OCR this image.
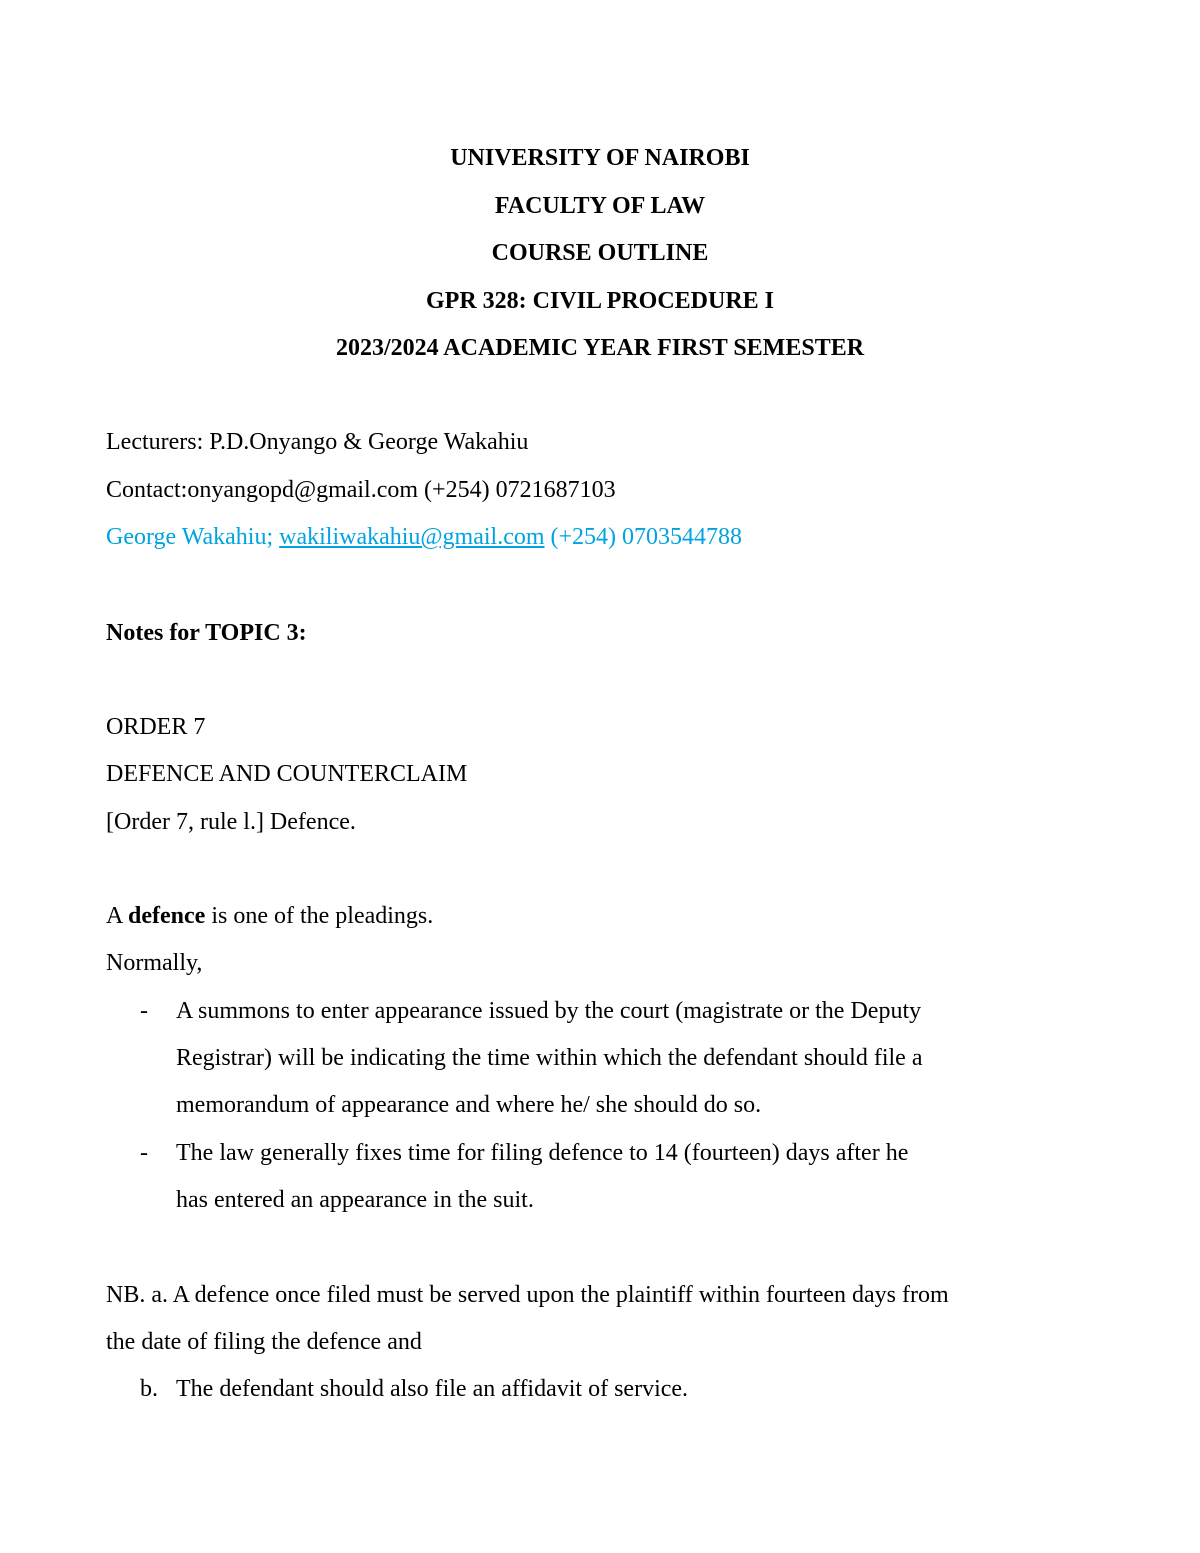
UNIVERSITY OF NAIROBI
FACULTY OF LAW
COURSE OUTLINE
GPR 328: CIVIL PROCEDURE I
2023/2024 ACADEMIC YEAR FIRST SEMESTER
Lecturers: P.D.Onyango & George Wakahiu
Contact:onyangopd@gmail.com (+254) 0721687103
George Wakahiu; wakiliwakahiu@gmail.com (+254) 0703544788
Notes for TOPIC 3:
ORDER 7
DEFENCE AND COUNTERCLAIM
[Order 7, rule l.] Defence.
A defence is one of the pleadings.
Normally,
-	A summons to enter appearance issued by the court (magistrate or the Deputy
Registrar) will be indicating the time within which the defendant should file a
memorandum of appearance and where he/ she should do so.
-	The law generally fixes time for filing defence to 14 (fourteen) days after he
has entered an appearance in the suit.
NB. a. A defence once filed must be served upon the plaintiff within fourteen days from
the date of filing the defence and
b. The defendant should also file an affidavit of service.
